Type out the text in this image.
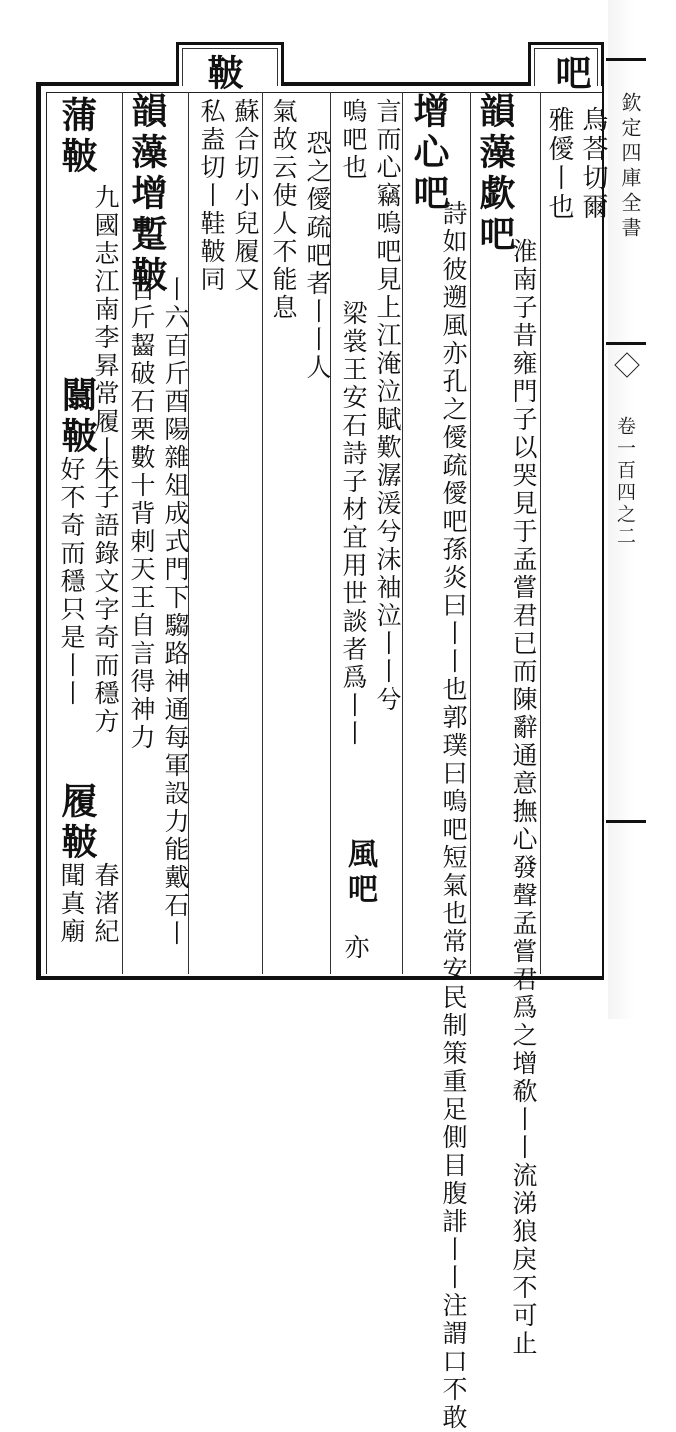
欽定四庫全書
卷一百四之二
吧
烏荅切爾
雅僾丨也
韻藻歔吧
淮南子昔雍門子以哭見于孟嘗君已而陳辭通意撫心發聲孟嘗君爲之增欷丨丨流涕狼戾不可止
增心吧
詩如彼遡風亦孔之僾疏僾吧孫炎曰丨丨也郭璞曰嗚吧短氣也常安民制策重足側目腹誹丨丨注謂口不敢
言而心竊嗚吧見上江淹泣賦歎潺湲兮沬袖泣丨丨兮
嗚吧也
梁裳王安石詩子材宜用世談者爲丨丨
風吧
亦
恐之僾疏吧者丨丨人
氣故云使人不能息
鞁
蘇合切小兒履又
私盍切丨鞋鞁同
韻藻增蹔鞁
丨六百斤酉陽雜俎成式門下騶路神通每軍設力能戴石丨
百斤齧破石栗數十背剌天王自言得神力
蒲鞁
九國志江南李昪常履丨丨
闒鞁
朱子語錄文字奇而穩方
履鞁
春渚紀
好不奇而穩只是丨丨
聞真廟
